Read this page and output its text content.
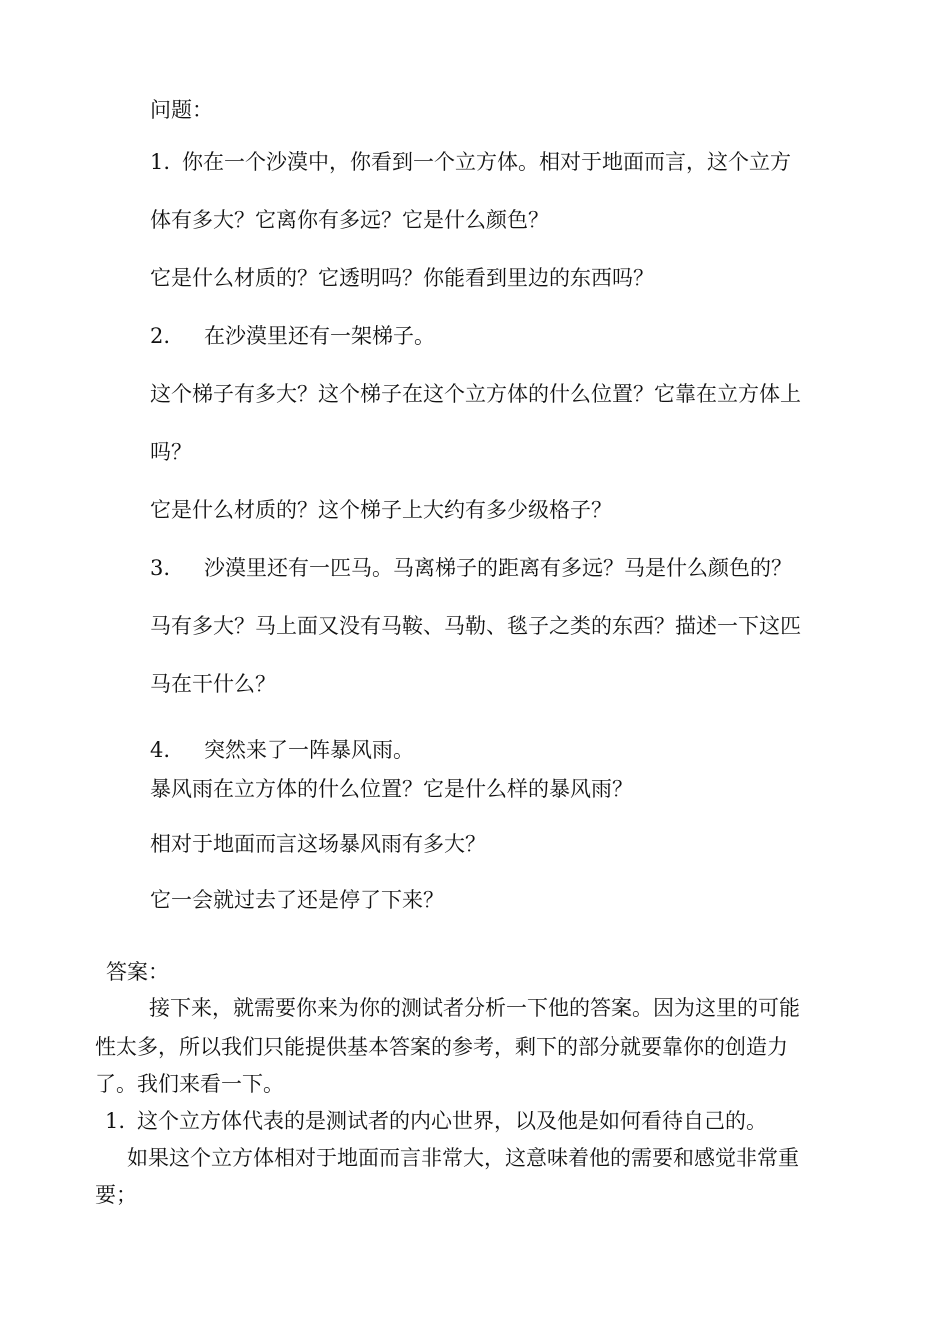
问题：

1. 你在一个沙漠中，你看到一个立方体。相对于地面而言，这个立方

体有多大？它离你有多远？它是什么颜色？

它是什么材质的？它透明吗？你能看到里边的东西吗？

2. 在沙漠里还有一架梯子。

这个梯子有多大？这个梯子在这个立方体的什么位置？它靠在立方体上

吗？

它是什么材质的？这个梯子上大约有多少级格子？

3. 沙漠里还有一匹马。马离梯子的距离有多远？马是什么颜色的？

马有多大？马上面又没有马鞍、马勒、毯子之类的东西？描述一下这匹

马在干什么？

4. 突然来了一阵暴风雨。

暴风雨在立方体的什么位置？它是什么样的暴风雨？

相对于地面而言这场暴风雨有多大？

它一会就过去了还是停了下来？

答案：

接下来，就需要你来为你的测试者分析一下他的答案。因为这里的可能

性太多，所以我们只能提供基本答案的参考，剩下的部分就要靠你的创造力

了。我们来看一下。

1. 这个立方体代表的是测试者的内心世界，以及他是如何看待自己的。

如果这个立方体相对于地面而言非常大，这意味着他的需要和感觉非常重

要；
